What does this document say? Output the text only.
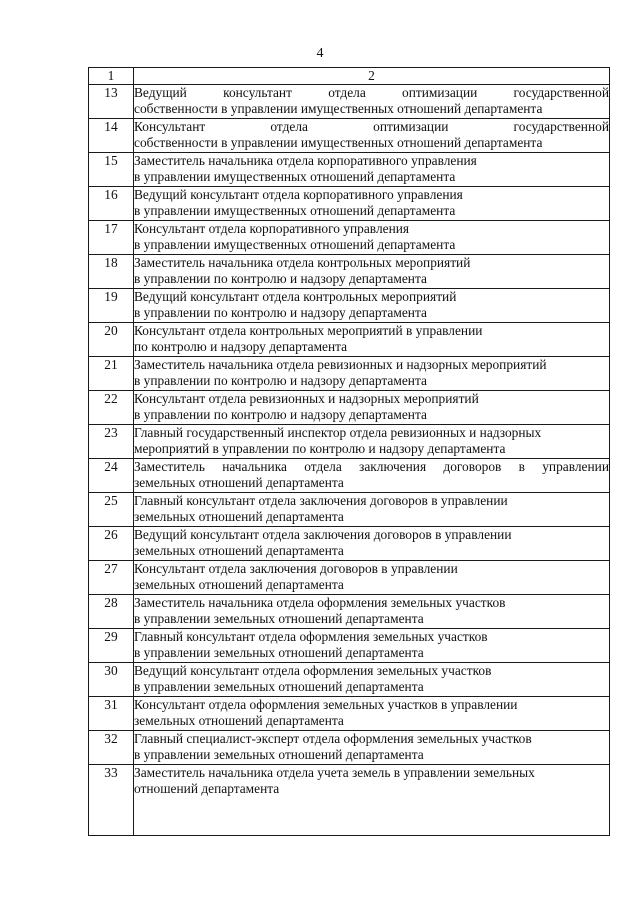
4
1	2
13	Ведущий консультант отдела оптимизации государственной
собственности в управлении имущественных отношений департамента

14	Консультант отдела оптимизации государственной
собственности в управлении имущественных отношений департамента

15	Заместитель начальника отдела корпоративного управления
в управлении имущественных отношений департамента

16	Ведущий консультант отдела корпоративного управления
в управлении имущественных отношений департамента

17	Консультант отдела корпоративного управления
в управлении имущественных отношений департамента

18	Заместитель начальника отдела контрольных мероприятий
в управлении по контролю и надзору департамента

19	Ведущий консультант отдела контрольных мероприятий
в управлении по контролю и надзору департамента

20	Консультант отдела контрольных мероприятий в управлении
по контролю и надзору департамента

21	Заместитель начальника отдела ревизионных и надзорных мероприятий
в управлении по контролю и надзору департамента

22	Консультант отдела ревизионных и надзорных мероприятий
в управлении по контролю и надзору департамента

23	Главный государственный инспектор отдела ревизионных и надзорных
мероприятий в управлении по контролю и надзору департамента

24	Заместитель начальника отдела заключения договоров в управлении
земельных отношений департамента

25	Главный консультант отдела заключения договоров в управлении
земельных отношений департамента

26	Ведущий консультант отдела заключения договоров в управлении
земельных отношений департамента

27	Консультант отдела заключения договоров в управлении
земельных отношений департамента

28	Заместитель начальника отдела оформления земельных участков
в управлении земельных отношений департамента

29	Главный консультант отдела оформления земельных участков
в управлении земельных отношений департамента

30	Ведущий консультант отдела оформления земельных участков
в управлении земельных отношений департамента

31	Консультант отдела оформления земельных участков в управлении
земельных отношений департамента

32	Главный специалист-эксперт отдела оформления земельных участков
в управлении земельных отношений департамента

33	Заместитель начальника отдела учета земель в управлении земельных
отношений департамента
